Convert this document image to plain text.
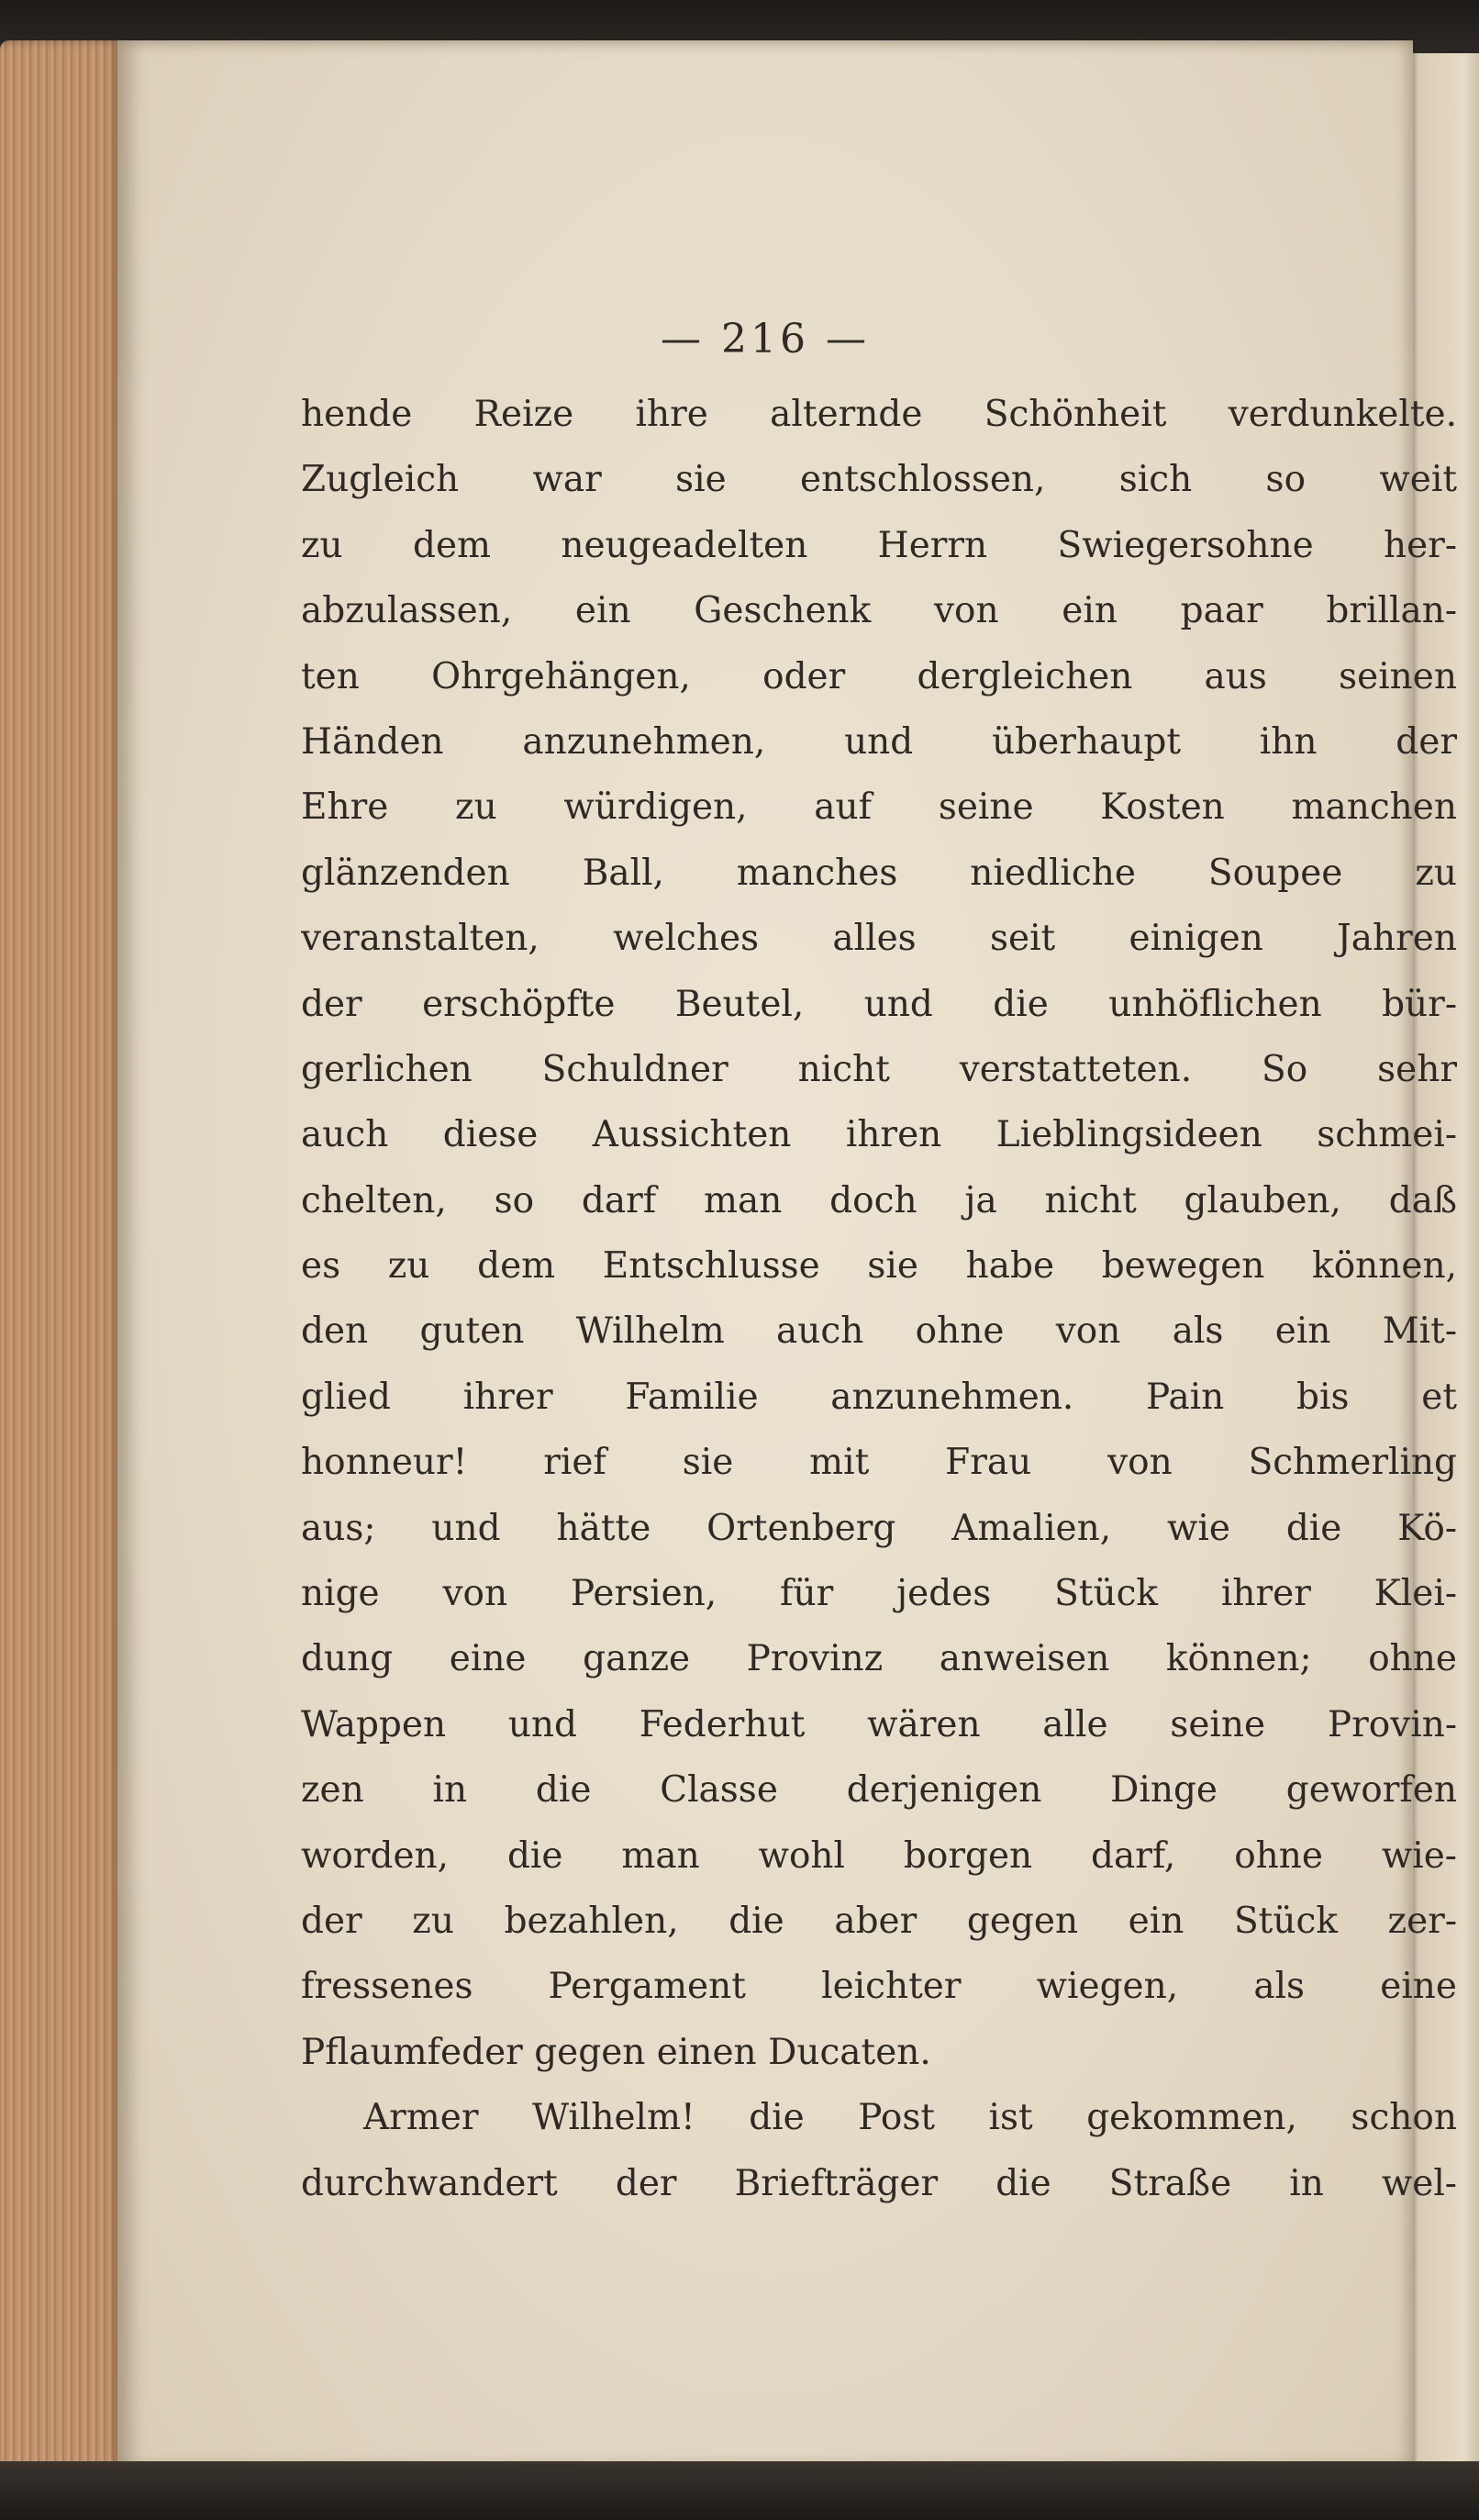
— 216 —
hende Reize ihre alternde Schönheit verdunkelte.
Zugleich war sie entschlossen, sich so weit
zu dem neugeadelten Herrn Swiegersohne her-
abzulassen, ein Geschenk von ein paar brillan-
ten Ohrgehängen, oder dergleichen aus seinen
Händen anzunehmen, und überhaupt ihn der
Ehre zu würdigen, auf seine Kosten manchen
glänzenden Ball, manches niedliche Soupee zu
veranstalten, welches alles seit einigen Jahren
der erschöpfte Beutel, und die unhöflichen bür-
gerlichen Schuldner nicht verstatteten. So sehr
auch diese Aussichten ihren Lieblingsideen schmei-
chelten, so darf man doch ja nicht glauben, daß
es zu dem Entschlusse sie habe bewegen können,
den guten Wilhelm auch ohne von als ein Mit-
glied ihrer Familie anzunehmen. Pain bis et
honneur! rief sie mit Frau von Schmerling
aus; und hätte Ortenberg Amalien, wie die Kö-
nige von Persien, für jedes Stück ihrer Klei-
dung eine ganze Provinz anweisen können; ohne
Wappen und Federhut wären alle seine Provin-
zen in die Classe derjenigen Dinge geworfen
worden, die man wohl borgen darf, ohne wie-
der zu bezahlen, die aber gegen ein Stück zer-
fressenes Pergament leichter wiegen, als eine
Pflaumfeder gegen einen Ducaten.
Armer Wilhelm! die Post ist gekommen, schon
durchwandert der Briefträger die Straße in wel-
